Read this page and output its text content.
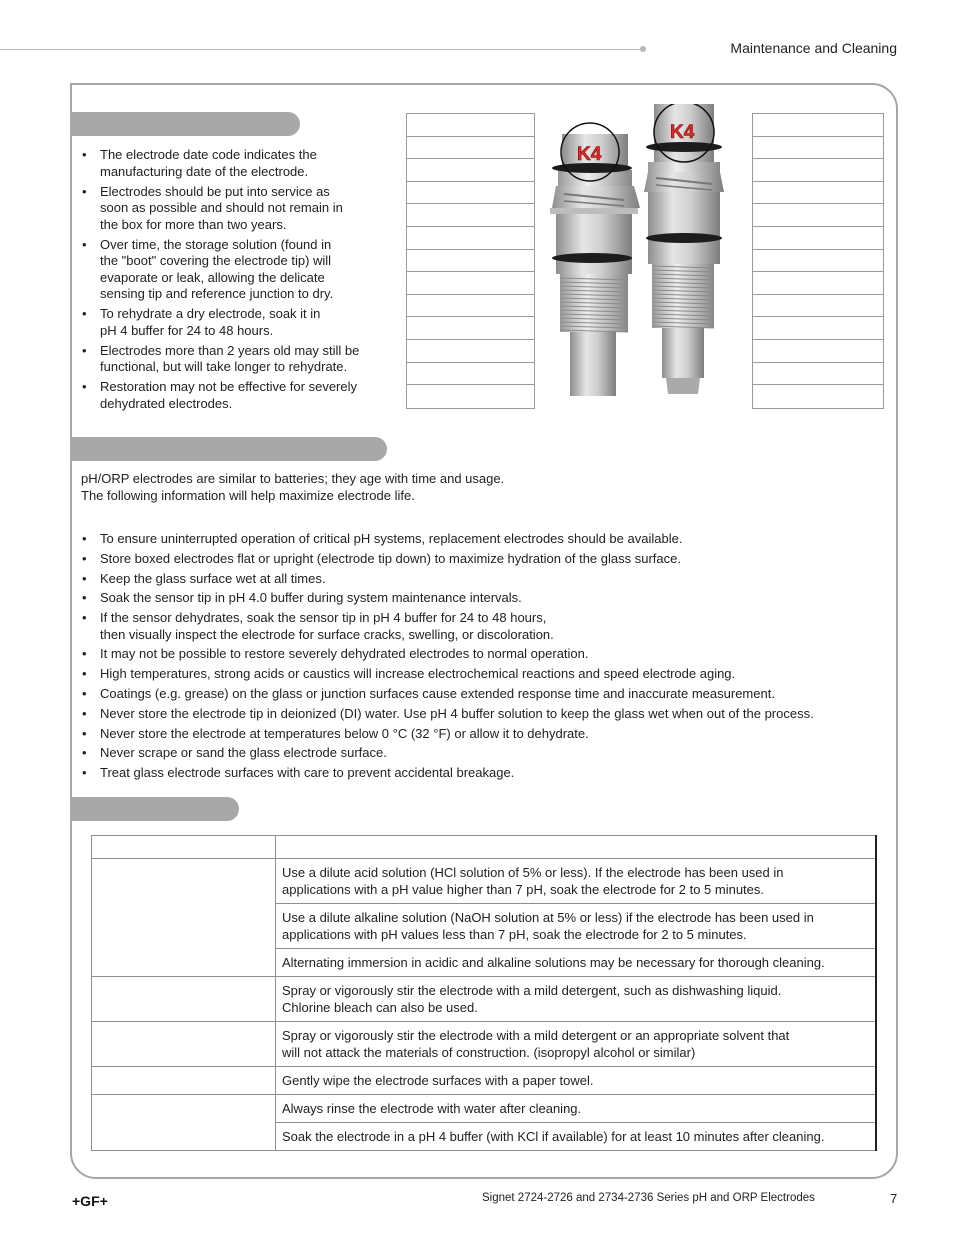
Maintenance and Cleaning
• The electrode date code indicates the
manufacturing date of the electrode.
• Electrodes should be put into service as
soon as possible and should not remain in
the box for more than two years.
• Over time, the storage solution (found in
the "boot" covering the electrode tip) will
evaporate or leak, allowing the delicate
sensing tip and reference junction to dry.
• To rehydrate a dry electrode, soak it in
pH 4 buffer for 24 to 48 hours.
• Electrodes more than 2 years old may still be
functional, but will take longer to rehydrate.
• Restoration may not be effective for severely
dehydrated electrodes.
K4
K4
pH/ORP electrodes are similar to batteries; they age with time and usage.
The following information will help maximize electrode life.
• To ensure uninterrupted operation of critical pH systems, replacement electrodes should be available.
• Store boxed electrodes flat or upright (electrode tip down) to maximize hydration of the glass surface.
• Keep the glass surface wet at all times.
• Soak the sensor tip in pH 4.0 buffer during system maintenance intervals.
• If the sensor dehydrates, soak the sensor tip in pH 4 buffer for 24 to 48 hours,
then visually inspect the electrode for surface cracks, swelling, or discoloration.
• It may not be possible to restore severely dehydrated electrodes to normal operation.
• High temperatures, strong acids or caustics will increase electrochemical reactions and speed electrode aging.
• Coatings (e.g. grease) on the glass or junction surfaces cause extended response time and inaccurate measurement.
• Never store the electrode tip in deionized (DI) water. Use pH 4 buffer solution to keep the glass wet when out of the process.
• Never store the electrode at temperatures below 0 °C (32 °F) or allow it to dehydrate.
• Never scrape or sand the glass electrode surface.
• Treat glass electrode surfaces with care to prevent accidental breakage.

	Use a dilute acid solution (HCl solution of 5% or less). If the electrode has been used in
applications with a pH value higher than 7 pH, soak the electrode for 2 to 5 minutes.

	Use a dilute alkaline solution (NaOH solution at 5% or less) if the electrode has been used in
applications with pH values less than 7 pH, soak the electrode for 2 to 5 minutes.

	Alternating immersion in acidic and alkaline solutions may be necessary for thorough cleaning.

	Spray or vigorously stir the electrode with a mild detergent, such as dishwashing liquid.
Chlorine bleach can also be used.

	Spray or vigorously stir the electrode with a mild detergent or an appropriate solvent that
will not attack the materials of construction. (isopropyl alcohol or similar)

	Gently wipe the electrode surfaces with a paper towel.

	Always rinse the electrode with water after cleaning.

	Soak the electrode in a pH 4 buffer (with KCl if available) for at least 10 minutes after cleaning.
+GF+	Signet 2724-2726 and 2734-2736 Series pH and ORP Electrodes	7
